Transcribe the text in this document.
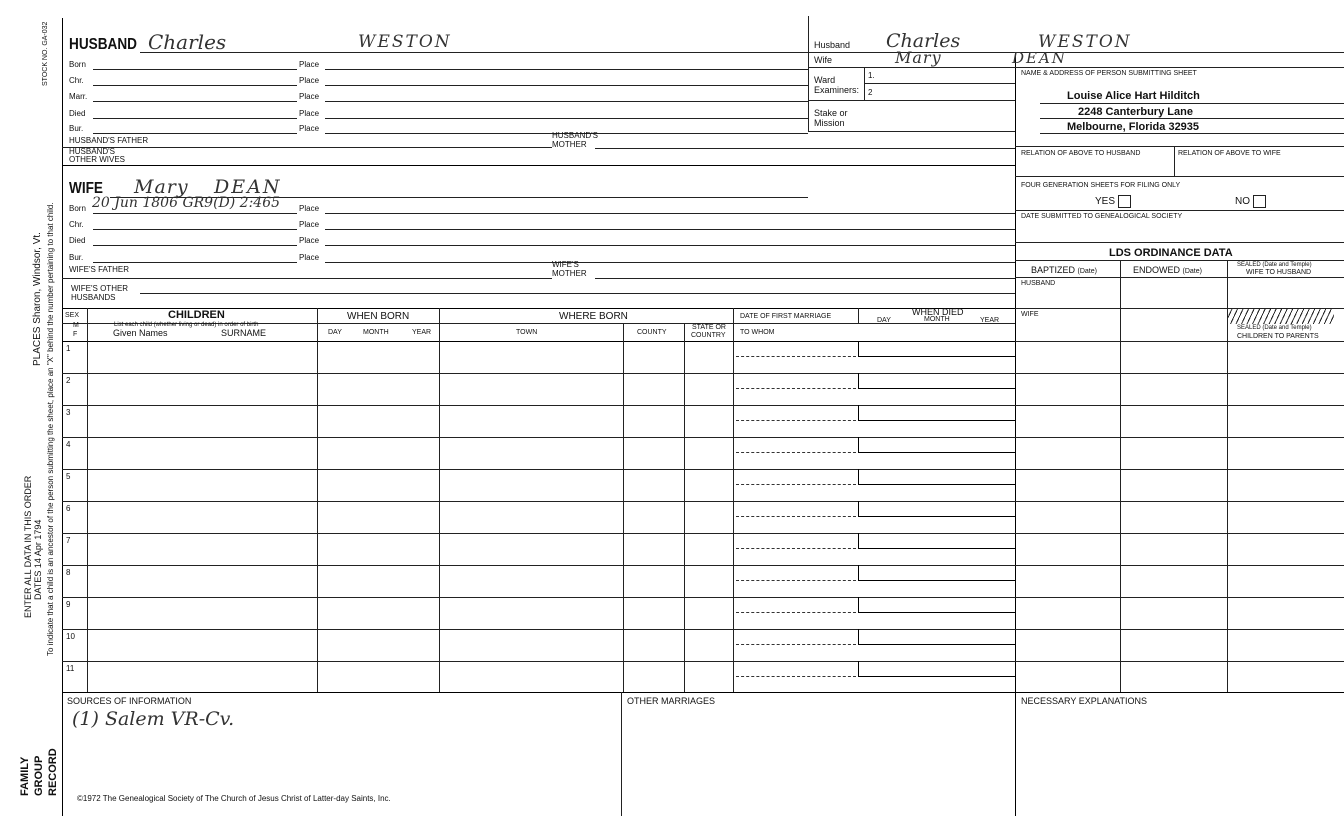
STOCK NO. GA-032
PLACES Sharon, Windsor, Vt.
ENTER ALL DATA IN THIS ORDER DATES 14 Apr 1794 To indicate that a child is an ancestor of the person submitting the sheet, place an "X" behind the number pertaining to that child.
FAMILY GROUP RECORD
HUSBAND Charles	WESTON
Born	Place
Chr.	Place
Marr.	Place
Died	Place
Bur.	Place
HUSBAND'S FATHER
HUSBAND'S
MOTHER
HUSBAND'S
OTHER WIVES
WIFE Mary DEAN
Born 20 Jun 1806 GR9(D) 2:465 Place
Chr.	Place
Died	Place
Bur.	Place
WIFE'S FATHER
WIFE'S
MOTHER
WIFE'S OTHER
HUSBANDS
Husband Charles	WESTON
Wife	Mary	DEAN
Ward
Examiners:
1.
2
Stake or
Mission
NAME & ADDRESS OF PERSON SUBMITTING SHEET
Louise Alice Hart Hilditch
2248 Canterbury Lane
Melbourne, Florida 32935
RELATION OF ABOVE TO HUSBAND	RELATION OF ABOVE TO WIFE
FOUR GENERATION SHEETS FOR FILING ONLY
YES	NO
DATE SUBMITTED TO GENEALOGICAL SOCIETY
LDS ORDINANCE DATA
BAPTIZED (Date)	ENDOWED (Date)
SEALED (Date and Temple)
WIFE TO HUSBAND
HUSBAND
WIFE
SEALED (Date and Temple)
CHILDREN TO PARENTS
SEX
M
F
CHILDREN
List each child (whether living or dead) in order of birth
Given Names	SURNAME
WHEN BORN
DAY	MONTH	YEAR
WHERE BORN
TOWN	COUNTY
STATE OR
COUNTRY
DATE OF FIRST MARRIAGE
TO WHOM
WHEN DIED
DAY	MONTH	YEAR
1
2
3
4
5
6
7
8
9
10
11
SOURCES OF INFORMATION
(1) Salem VR-Cv.
OTHER MARRIAGES	NECESSARY EXPLANATIONS
©1972 The Genealogical Society of The Church of Jesus Christ of Latter-day Saints, Inc.
